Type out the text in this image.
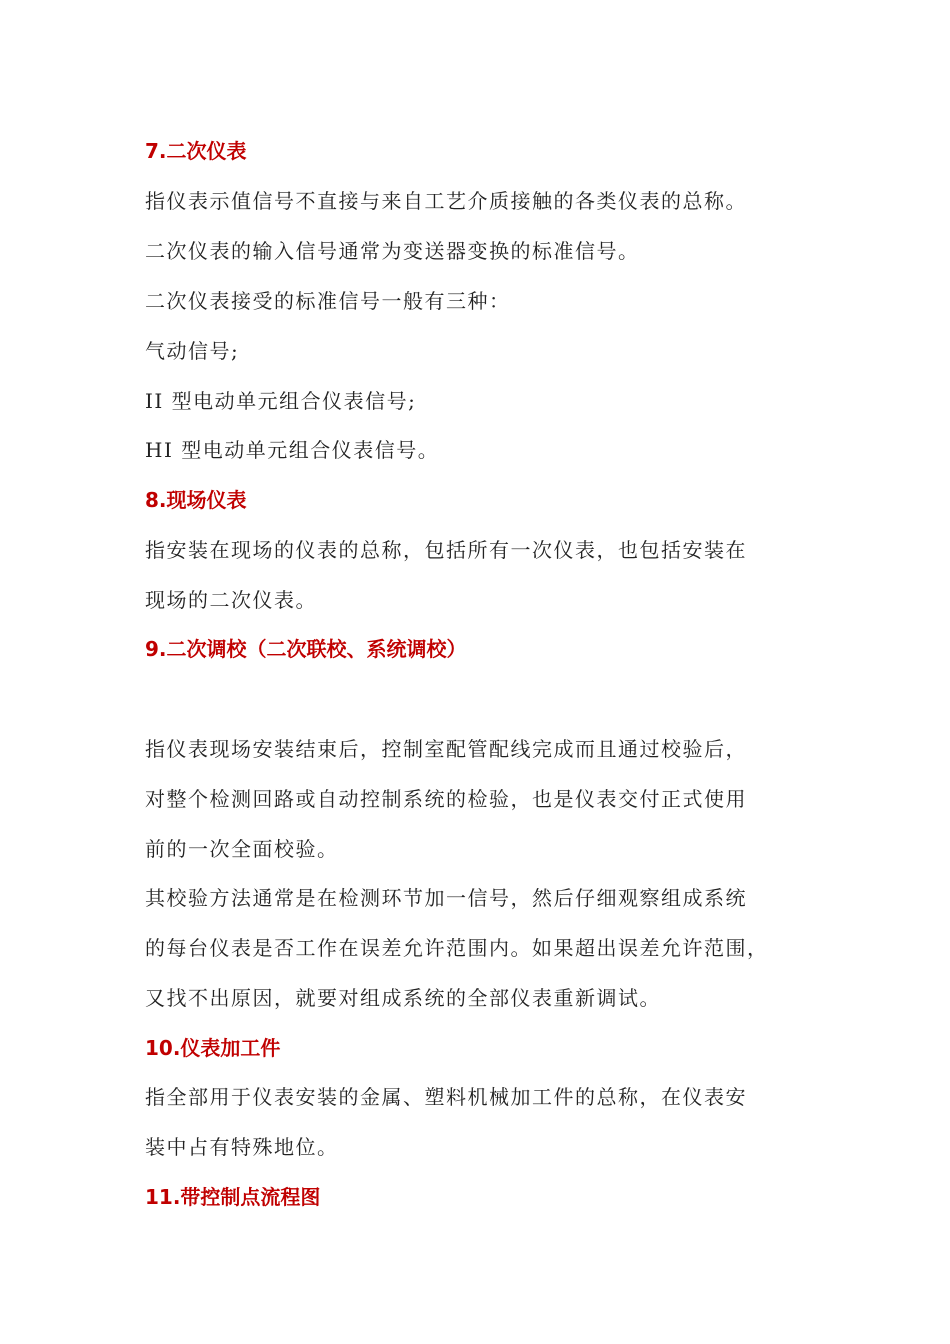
7.二次仪表
指仪表示值信号不直接与来自工艺介质接触的各类仪表的总称。
二次仪表的输入信号通常为变送器变换的标准信号。
二次仪表接受的标准信号一般有三种：
气动信号;
II 型电动单元组合仪表信号;
HI 型电动单元组合仪表信号。
8.现场仪表
指安装在现场的仪表的总称，包括所有一次仪表，也包括安装在
现场的二次仪表。
9.二次调校（二次联校、系统调校）
指仪表现场安装结束后，控制室配管配线完成而且通过校验后，
对整个检测回路或自动控制系统的检验，也是仪表交付正式使用
前的一次全面校验。
其校验方法通常是在检测环节加一信号，然后仔细观察组成系统
的每台仪表是否工作在误差允许范围内。如果超出误差允许范围，
又找不出原因，就要对组成系统的全部仪表重新调试。
10.仪表加工件
指全部用于仪表安装的金属、塑料机械加工件的总称，在仪表安
装中占有特殊地位。
11.带控制点流程图
